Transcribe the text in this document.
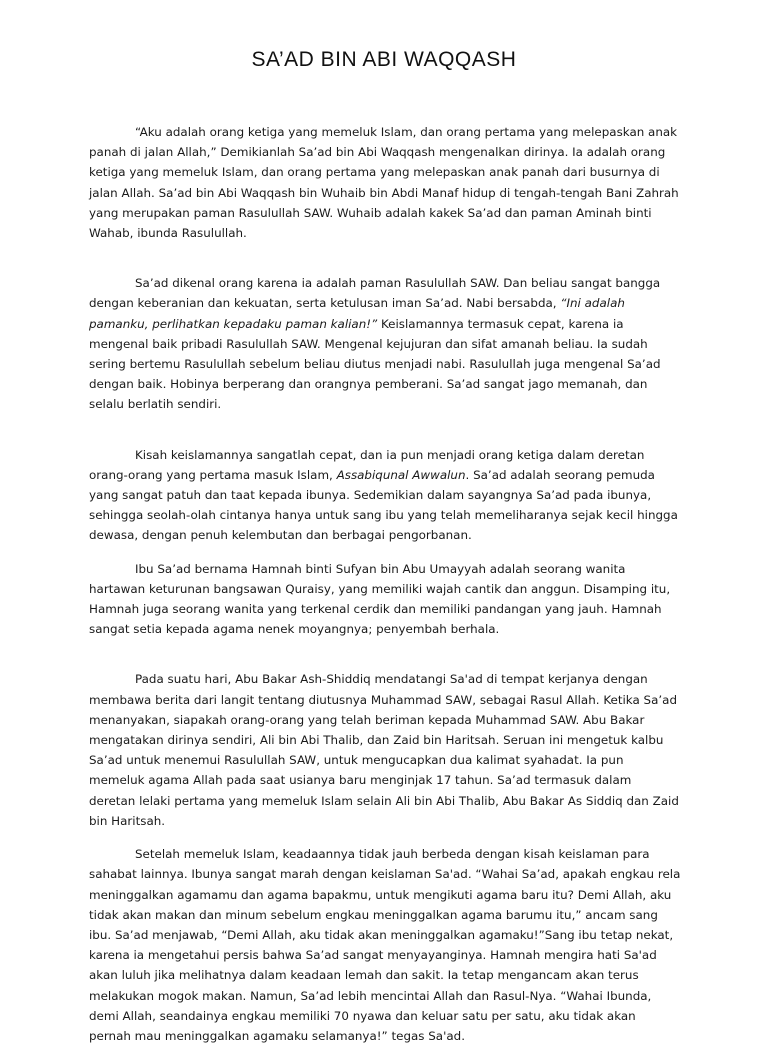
SA’AD BIN ABI WAQQASH

“Aku adalah orang ketiga yang memeluk Islam, dan orang pertama yang melepaskan anak panah di jalan Allah,” Demikianlah Sa’ad bin Abi Waqqash mengenalkan dirinya. Ia adalah orang ketiga yang memeluk Islam, dan orang pertama yang melepaskan anak panah dari busurnya di jalan Allah. Sa’ad bin Abi Waqqash bin Wuhaib bin Abdi Manaf hidup di tengah-tengah Bani Zahrah yang merupakan paman Rasulullah SAW. Wuhaib adalah kakek Sa’ad dan paman Aminah binti Wahab, ibunda Rasulullah.

Sa’ad dikenal orang karena ia adalah paman Rasulullah SAW. Dan beliau sangat bangga dengan keberanian dan kekuatan, serta ketulusan iman Sa’ad. Nabi bersabda, “Ini adalah pamanku, perlihatkan kepadaku paman kalian!” Keislamannya termasuk cepat, karena ia mengenal baik pribadi Rasulullah SAW. Mengenal kejujuran dan sifat amanah beliau. Ia sudah sering bertemu Rasulullah sebelum beliau diutus menjadi nabi. Rasulullah juga mengenal Sa’ad dengan baik. Hobinya berperang dan orangnya pemberani. Sa’ad sangat jago memanah, dan selalu berlatih sendiri.

Kisah keislamannya sangatlah cepat, dan ia pun menjadi orang ketiga dalam deretan orang-orang yang pertama masuk Islam, Assabiqunal Awwalun. Sa’ad adalah seorang pemuda yang sangat patuh dan taat kepada ibunya. Sedemikian dalam sayangnya Sa’ad pada ibunya, sehingga seolah-olah cintanya hanya untuk sang ibu yang telah memeliharanya sejak kecil hingga dewasa, dengan penuh kelembutan dan berbagai pengorbanan.

Ibu Sa’ad bernama Hamnah binti Sufyan bin Abu Umayyah adalah seorang wanita hartawan keturunan bangsawan Quraisy, yang memiliki wajah cantik dan anggun. Disamping itu, Hamnah juga seorang wanita yang terkenal cerdik dan memiliki pandangan yang jauh. Hamnah sangat setia kepada agama nenek moyangnya; penyembah berhala.

Pada suatu hari, Abu Bakar Ash-Shiddiq mendatangi Sa'ad di tempat kerjanya dengan membawa berita dari langit tentang diutusnya Muhammad SAW, sebagai Rasul Allah. Ketika Sa’ad menanyakan, siapakah orang-orang yang telah beriman kepada Muhammad SAW. Abu Bakar mengatakan dirinya sendiri, Ali bin Abi Thalib, dan Zaid bin Haritsah. Seruan ini mengetuk kalbu Sa’ad untuk menemui Rasulullah SAW, untuk mengucapkan dua kalimat syahadat. Ia pun memeluk agama Allah pada saat usianya baru menginjak 17 tahun. Sa’ad termasuk dalam deretan lelaki pertama yang memeluk Islam selain Ali bin Abi Thalib, Abu Bakar As Siddiq dan Zaid bin Haritsah.

Setelah memeluk Islam, keadaannya tidak jauh berbeda dengan kisah keislaman para sahabat lainnya. Ibunya sangat marah dengan keislaman Sa'ad. “Wahai Sa’ad, apakah engkau rela meninggalkan agamamu dan agama bapakmu, untuk mengikuti agama baru itu? Demi Allah, aku tidak akan makan dan minum sebelum engkau meninggalkan agama barumu itu,” ancam sang ibu. Sa’ad menjawab, “Demi Allah, aku tidak akan meninggalkan agamaku!”Sang ibu tetap nekat, karena ia mengetahui persis bahwa Sa’ad sangat menyayanginya. Hamnah mengira hati Sa'ad akan luluh jika melihatnya dalam keadaan lemah dan sakit. Ia tetap mengancam akan terus melakukan mogok makan. Namun, Sa’ad lebih mencintai Allah dan Rasul-Nya. “Wahai Ibunda, demi Allah, seandainya engkau memiliki 70 nyawa dan keluar satu per satu, aku tidak akan pernah mau meninggalkan agamaku selamanya!” tegas Sa'ad.
